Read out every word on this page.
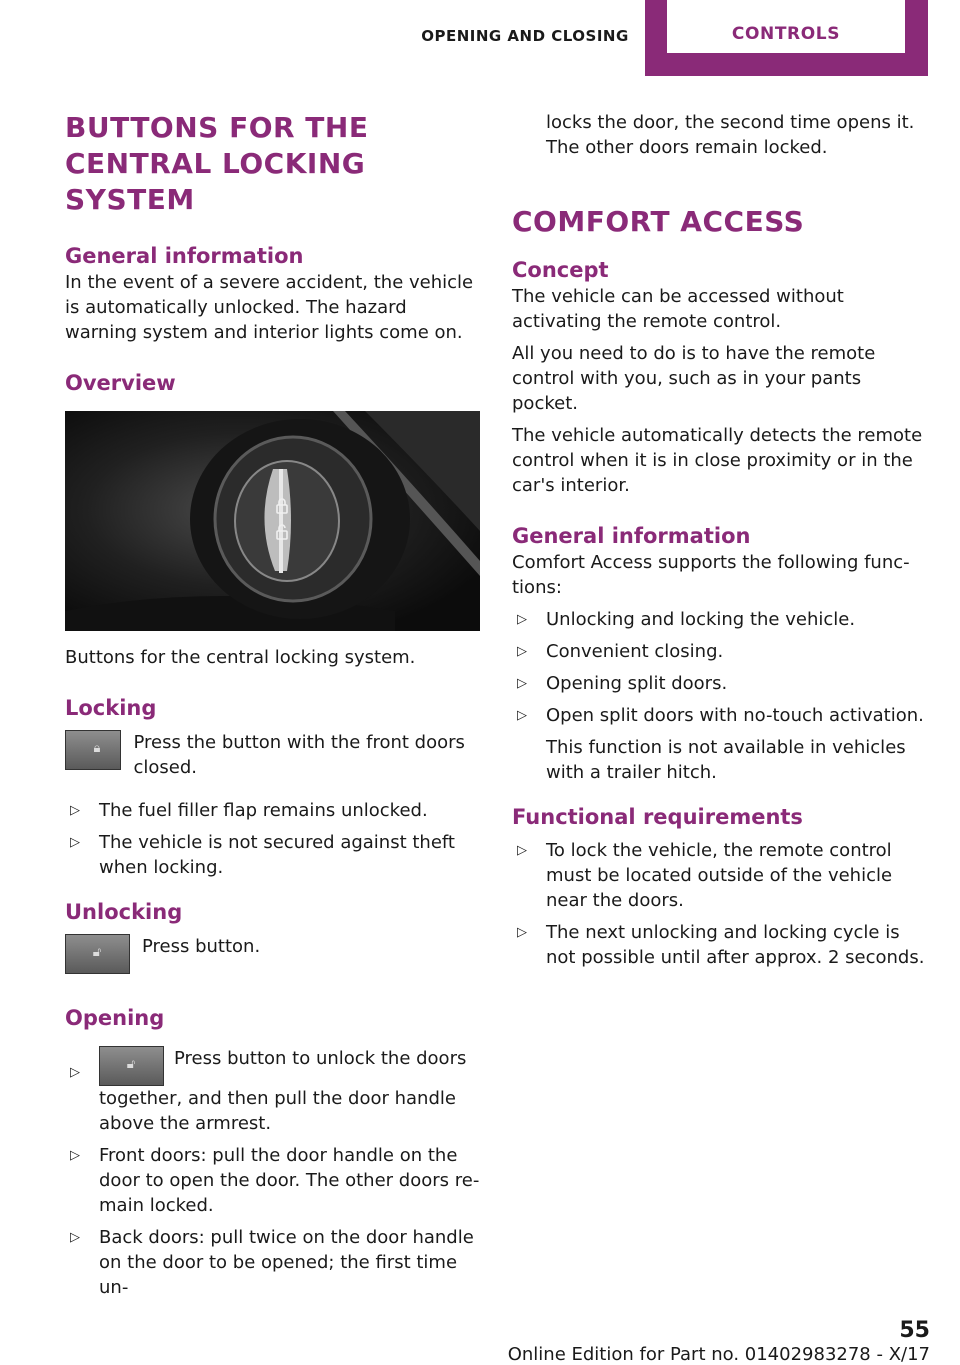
OPENING AND CLOSING	CONTROLS
BUTTONS FOR THE CENTRAL LOCKING SYSTEM
General information

In the event of a severe accident, the vehicle is automatically unlocked. The hazard warning system and interior lights come on.

Overview

Buttons for the central locking system.

Locking
🔒︎ Press the button with the front doors closed.

▷ The fuel filler flap remains unlocked.
▷ The vehicle is not secured against theft when locking.
Unlocking
🔓︎ Press button.

Opening
▷
🔓︎ Press button to unlock the doors together, and then pull the door handle above the armrest.
▷ Front doors: pull the door handle on the door to open the door. The other doors re-main locked.
▷ Back doors: pull twice on the door handle on the door to be opened; the first time un-

locks the door, the second time opens it. The other doors remain locked.

COMFORT ACCESS
Concept

The vehicle can be accessed without activating the remote control.

All you need to do is to have the remote control with you, such as in your pants pocket.

The vehicle automatically detects the remote control when it is in close proximity or in the car's interior.

General information

Comfort Access supports the following func-tions:

▷ Unlocking and locking the vehicle.
▷ Convenient closing.
▷ Opening split doors.
▷ Open split doors with no-touch activation.

This function is not available in vehicles with a trailer hitch.

Functional requirements
▷ To lock the vehicle, the remote control must be located outside of the vehicle near the doors.
▷ The next unlocking and locking cycle is not possible until after approx. 2 seconds.
55
Online Edition for Part no. 01402983278 - X/17
